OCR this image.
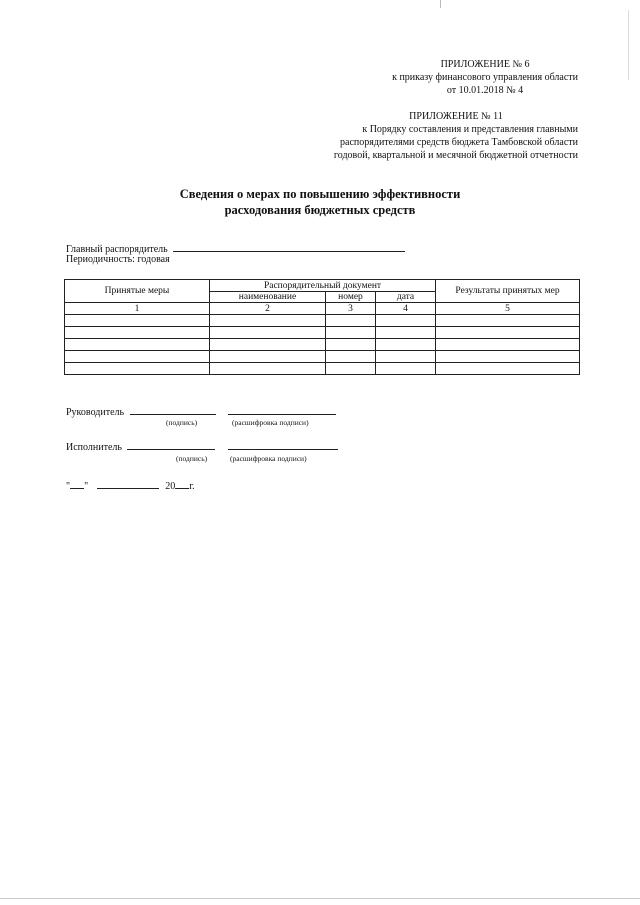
ПРИЛОЖЕНИЕ № 6
к приказу финансового управления области
от 10.01.2018 № 4
ПРИЛОЖЕНИЕ № 11
к Порядку составления и представления главными
распорядителями средств бюджета Тамбовской области
годовой, квартальной и месячной бюджетной отчетности
Сведения о мерах по повышению эффективности
расходования бюджетных средств
Главный распорядитель
Периодичность: годовая
Принятые меры	Распорядительный документ			Результаты принятых мер
	наименование	номер	дата	
1	2	3	4	5

Руководитель
(подпись)	(расшифровка подписи)
Исполнитель
(подпись)	(расшифровка подписи)
" "	20 г.
